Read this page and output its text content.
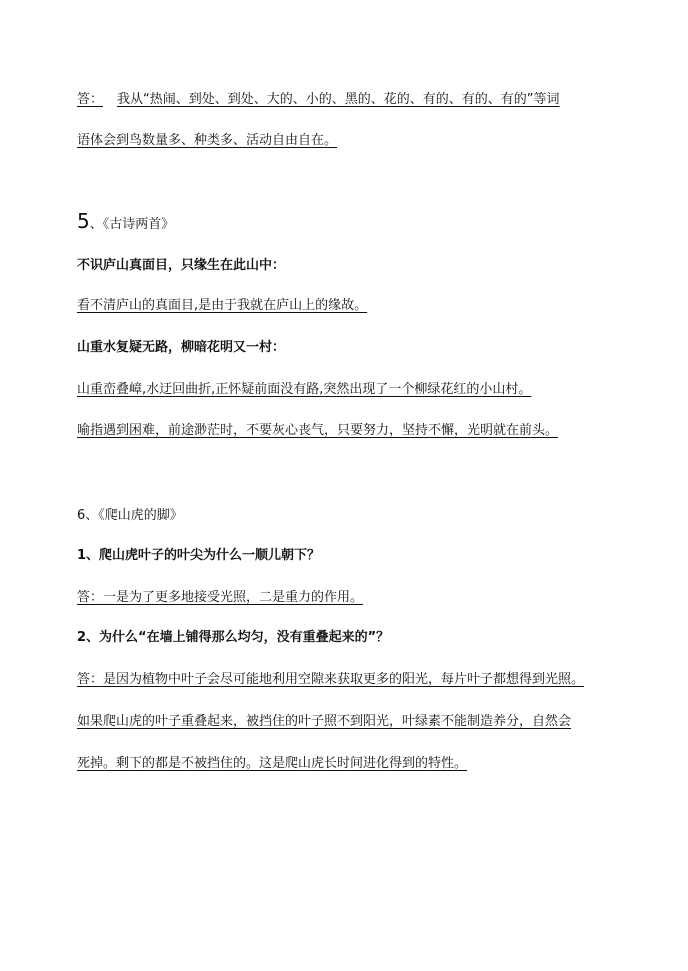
答： 我从“热闹、到处、到处、大的、小的、黑的、花的、有的、有的、有的”等词
语体会到鸟数量多、种类多、活动自由自在。
5、《古诗两首》
不识庐山真面目，只缘生在此山中：
看不清庐山的真面目,是由于我就在庐山上的缘故。
山重水复疑无路，柳暗花明又一村：
山重峦叠嶂,水迂回曲折,正怀疑前面没有路,突然出现了一个柳绿花红的小山村。
喻指遇到困难，前途渺茫时，不要灰心丧气，只要努力，坚持不懈，光明就在前头。
6、《爬山虎的脚》
1、爬山虎叶子的叶尖为什么一顺儿朝下？
答：一是为了更多地接受光照，二是重力的作用。
2、为什么“在墙上铺得那么均匀，没有重叠起来的”？
答：是因为植物中叶子会尽可能地利用空隙来获取更多的阳光，每片叶子都想得到光照。
如果爬山虎的叶子重叠起来，被挡住的叶子照不到阳光，叶绿素不能制造养分，自然会
死掉。剩下的都是不被挡住的。这是爬山虎长时间进化得到的特性。
